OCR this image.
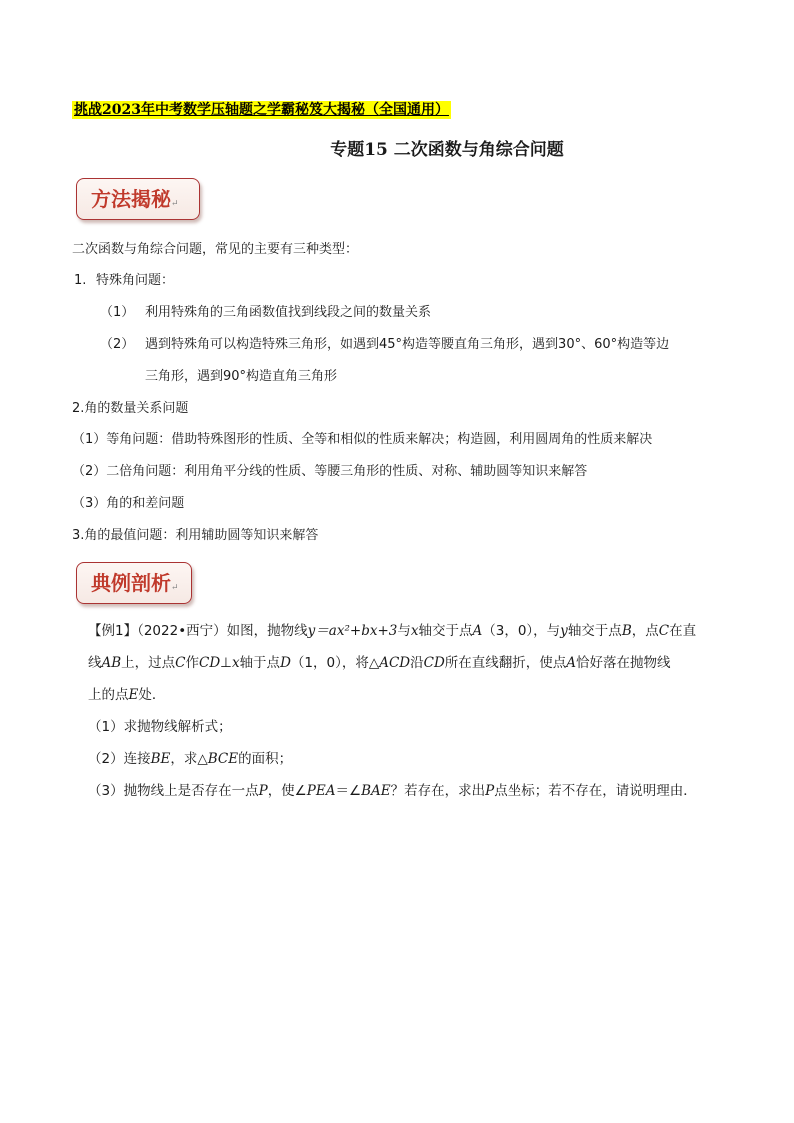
挑战2023年中考数学压轴题之学霸秘笈大揭秘（全国通用）
专题15 二次函数与角综合问题
方法揭秘↵
二次函数与角综合问题，常见的主要有三种类型：
1. 特殊角问题：
（1） 利用特殊角的三角函数值找到线段之间的数量关系
（2） 遇到特殊角可以构造特殊三角形，如遇到45°构造等腰直角三角形，遇到30°、60°构造等边
三角形，遇到90°构造直角三角形
2.角的数量关系问题
（1）等角问题：借助特殊图形的性质、全等和相似的性质来解决；构造圆，利用圆周角的性质来解决
（2）二倍角问题：利用角平分线的性质、等腰三角形的性质、对称、辅助圆等知识来解答
（3）角的和差问题
3.角的最值问题：利用辅助圆等知识来解答
典例剖析↵
【例1】（2022•西宁）如图，抛物线y＝ax²+bx+3与x轴交于点A（3，0），与y轴交于点B，点C在直
线AB上，过点C作CD⊥x轴于点D（1，0），将△ACD沿CD所在直线翻折，使点A恰好落在抛物线
上的点E处．
（1）求抛物线解析式；
（2）连接BE，求△BCE的面积；
（3）抛物线上是否存在一点P，使∠PEA＝∠BAE？若存在，求出P点坐标；若不存在，请说明理由．
